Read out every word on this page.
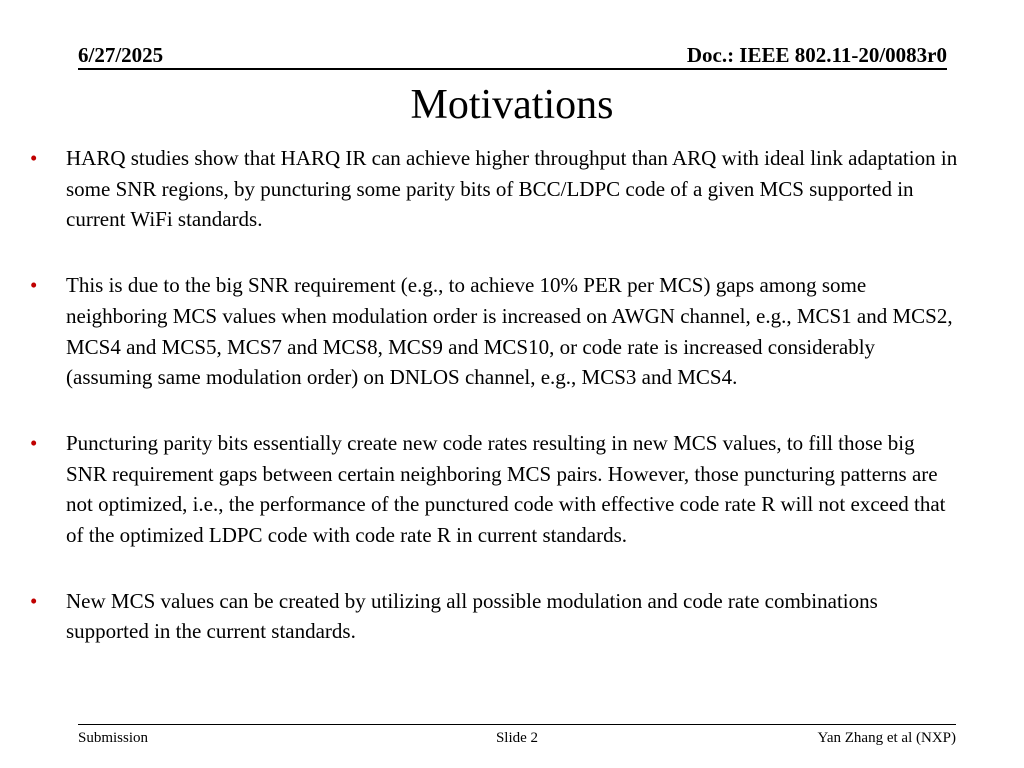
6/27/2025	Doc.: IEEE 802.11-20/0083r0
Motivations
• HARQ studies show that HARQ IR can achieve higher throughput than ARQ with ideal link adaptation in some SNR regions, by puncturing some parity bits of BCC/LDPC code of a given MCS supported in current WiFi standards.
• This is due to the big SNR requirement (e.g., to achieve 10% PER per MCS) gaps among some neighboring MCS values when modulation order is increased on AWGN channel, e.g., MCS1 and MCS2, MCS4 and MCS5, MCS7 and MCS8, MCS9 and MCS10, or code rate is increased considerably (assuming same modulation order) on DNLOS channel, e.g., MCS3 and MCS4.
• Puncturing parity bits essentially create new code rates resulting in new MCS values, to fill those big SNR requirement gaps between certain neighboring MCS pairs. However, those puncturing patterns are not optimized, i.e., the performance of the punctured code with effective code rate R will not exceed that of the optimized LDPC code with code rate R in current standards.
• New MCS values can be created by utilizing all possible modulation and code rate combinations supported in the current standards.
Submission	Slide 2	Yan Zhang et al (NXP)
